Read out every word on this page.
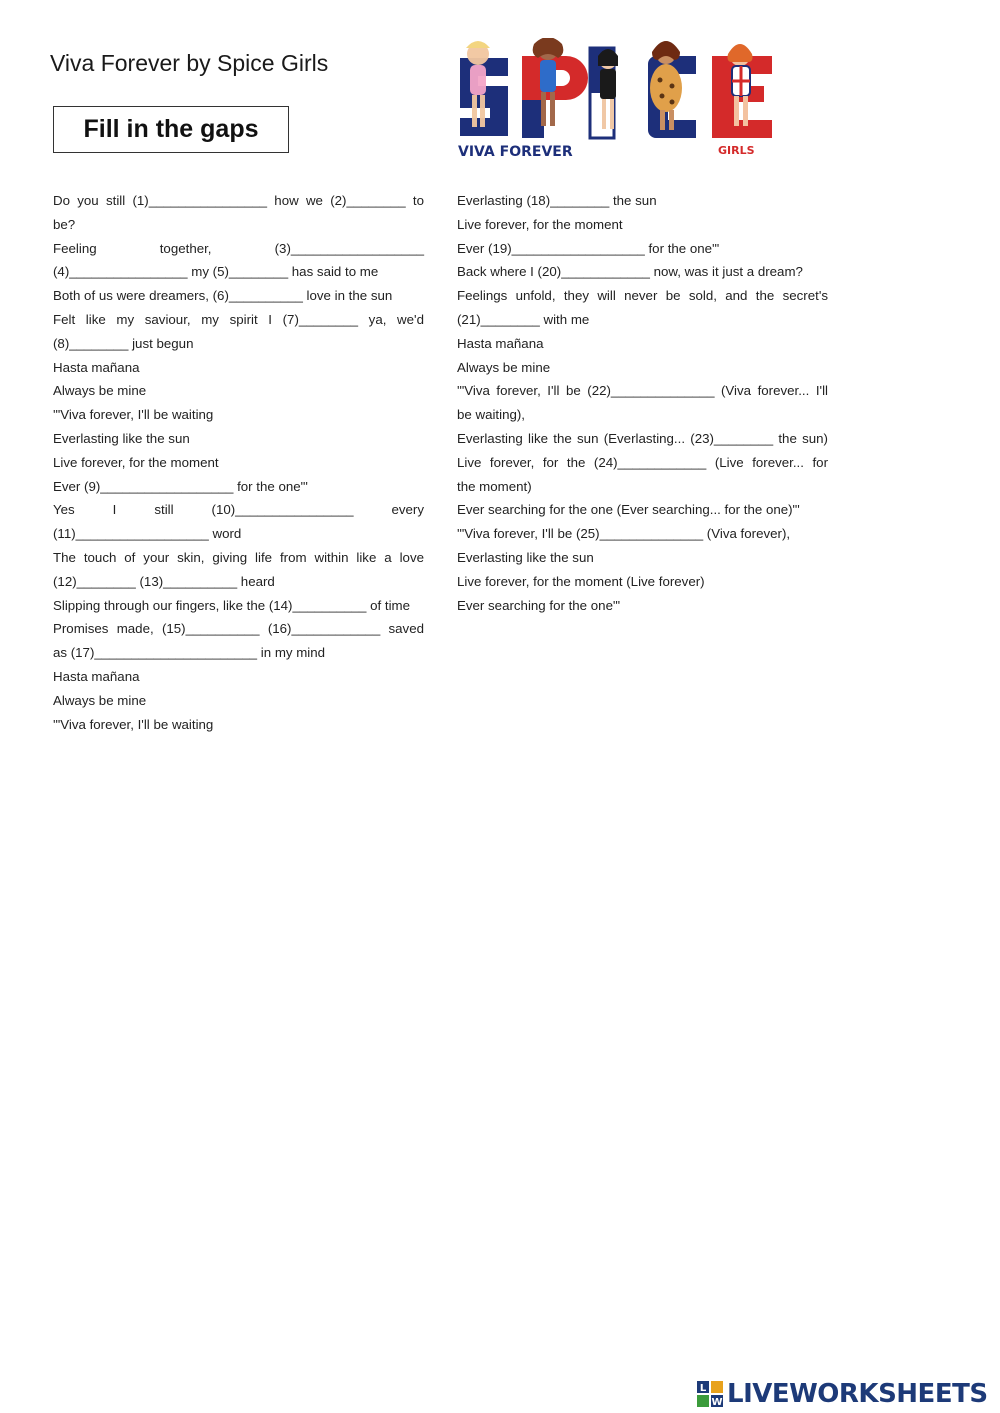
Viva Forever by Spice Girls
Fill in the gaps
VIVA FOREVER	GIRLS
Do you still (1)________________ how we (2)________ to
be?
Feeling together, (3)__________________
(4)________________ my (5)________ has said to me
Both of us were dreamers, (6)__________ love in the sun
Felt like my saviour, my spirit I (7)________ ya, we'd
(8)________ just begun
Hasta mañana
Always be mine
'"Viva forever, I'll be waiting
Everlasting like the sun
Live forever, for the moment
Ever (9)__________________ for the one"'
Yes I still (10)________________ every
(11)__________________ word
The touch of your skin, giving life from within like a love
(12)________ (13)__________ heard
Slipping through our fingers, like the (14)__________ of time
Promises made, (15)__________ (16)____________ saved
as (17)______________________ in my mind
Hasta mañana
Always be mine
'"Viva forever, I'll be waiting
Everlasting (18)________ the sun
Live forever, for the moment
Ever (19)__________________ for the one"'
Back where I (20)____________ now, was it just a dream?
Feelings unfold, they will never be sold, and the secret's
(21)________ with me
Hasta mañana
Always be mine
'"Viva forever, I'll be (22)______________ (Viva forever... I'll
be waiting),
Everlasting like the sun (Everlasting... (23)________ the sun)
Live forever, for the (24)____________ (Live forever... for
the moment)
Ever searching for the one (Ever searching... for the one)"'
'"Viva forever, I'll be (25)______________ (Viva forever),
Everlasting like the sun
Live forever, for the moment (Live forever)
Ever searching for the one"'
L
W LIVEWORKSHEETS
